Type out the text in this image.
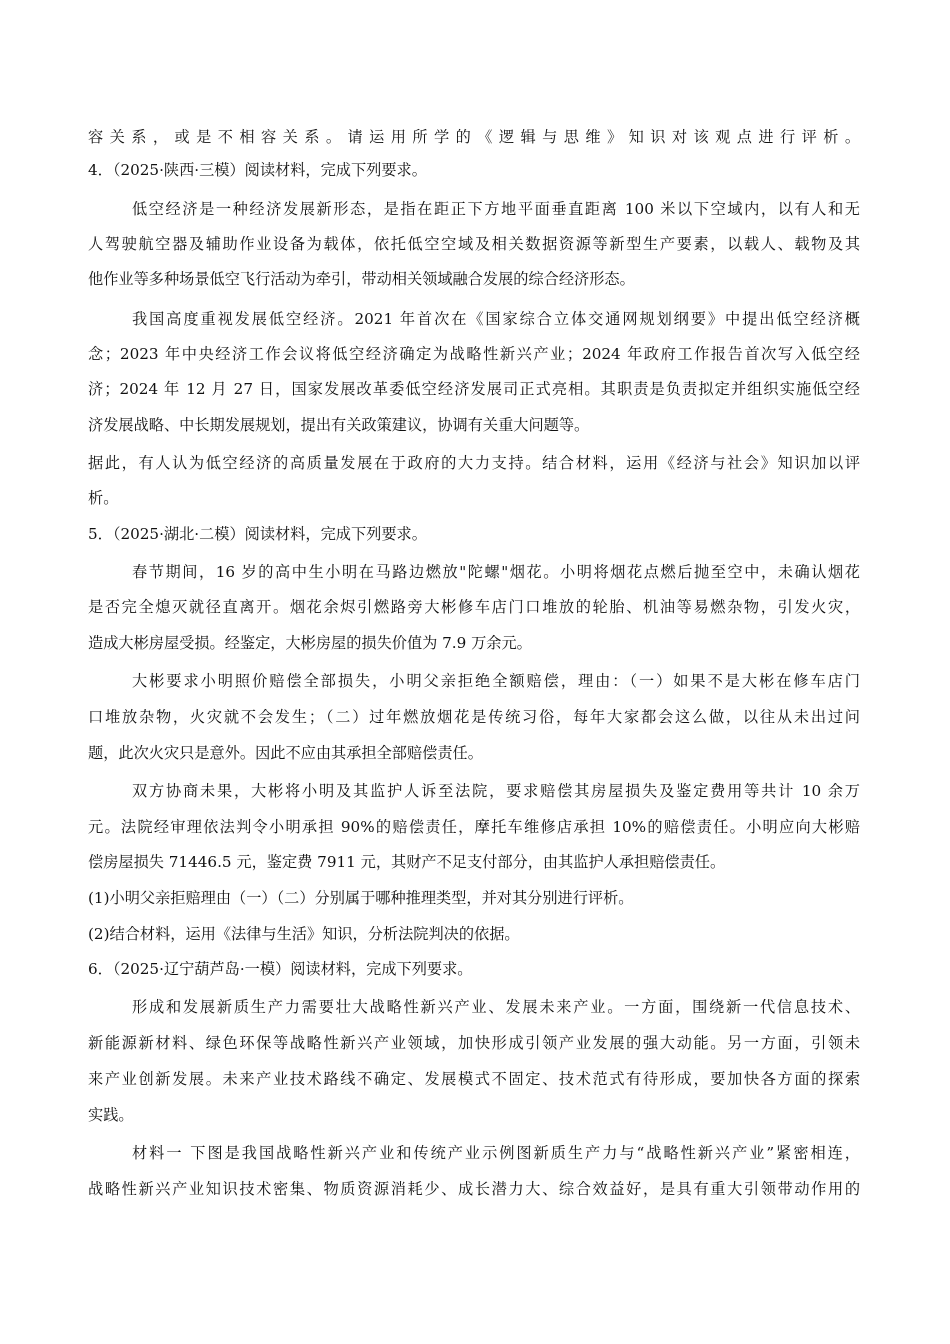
容关系，或是不相容关系。请运用所学的《逻辑与思维》知识对该观点进行评析。

4．（2025·陕西·三模）阅读材料，完成下列要求。

低空经济是一种经济发展新形态，是指在距正下方地平面垂直距离 100 米以下空域内，以有人和无

人驾驶航空器及辅助作业设备为载体，依托低空空域及相关数据资源等新型生产要素，以载人、载物及其

他作业等多种场景低空飞行活动为牵引，带动相关领域融合发展的综合经济形态。

我国高度重视发展低空经济。2021 年首次在《国家综合立体交通网规划纲要》中提出低空经济概

念；2023 年中央经济工作会议将低空经济确定为战略性新兴产业；2024 年政府工作报告首次写入低空经

济；2024 年 12 月 27 日，国家发展改革委低空经济发展司正式亮相。其职责是负责拟定并组织实施低空经

济发展战略、中长期发展规划，提出有关政策建议，协调有关重大问题等。

据此，有人认为低空经济的高质量发展在于政府的大力支持。结合材料，运用《经济与社会》知识加以评

析。

5．（2025·湖北·二模）阅读材料，完成下列要求。

春节期间，16 岁的高中生小明在马路边燃放"陀螺"烟花。小明将烟花点燃后抛至空中，未确认烟花

是否完全熄灭就径直离开。烟花余烬引燃路旁大彬修车店门口堆放的轮胎、机油等易燃杂物，引发火灾，

造成大彬房屋受损。经鉴定，大彬房屋的损失价值为 7.9 万余元。

大彬要求小明照价赔偿全部损失，小明父亲拒绝全额赔偿，理由：（一）如果不是大彬在修车店门

口堆放杂物，火灾就不会发生；（二）过年燃放烟花是传统习俗，每年大家都会这么做，以往从未出过问

题，此次火灾只是意外。因此不应由其承担全部赔偿责任。

双方协商未果，大彬将小明及其监护人诉至法院，要求赔偿其房屋损失及鉴定费用等共计 10 余万

元。法院经审理依法判令小明承担 90%的赔偿责任，摩托车维修店承担 10%的赔偿责任。小明应向大彬赔

偿房屋损失 71446.5 元，鉴定费 7911 元，其财产不足支付部分，由其监护人承担赔偿责任。

(1)小明父亲拒赔理由（一）（二）分别属于哪种推理类型，并对其分别进行评析。

(2)结合材料，运用《法律与生活》知识，分析法院判决的依据。

6．（2025·辽宁葫芦岛·一模）阅读材料，完成下列要求。

形成和发展新质生产力需要壮大战略性新兴产业、发展未来产业。一方面，围绕新一代信息技术、

新能源新材料、绿色环保等战略性新兴产业领域，加快形成引领产业发展的强大动能。另一方面，引领未

来产业创新发展。未来产业技术路线不确定、发展模式不固定、技术范式有待形成，要加快各方面的探索

实践。

材料一 下图是我国战略性新兴产业和传统产业示例图新质生产力与“战略性新兴产业”紧密相连，

战略性新兴产业知识技术密集、物质资源消耗少、成长潜力大、综合效益好，是具有重大引领带动作用的
